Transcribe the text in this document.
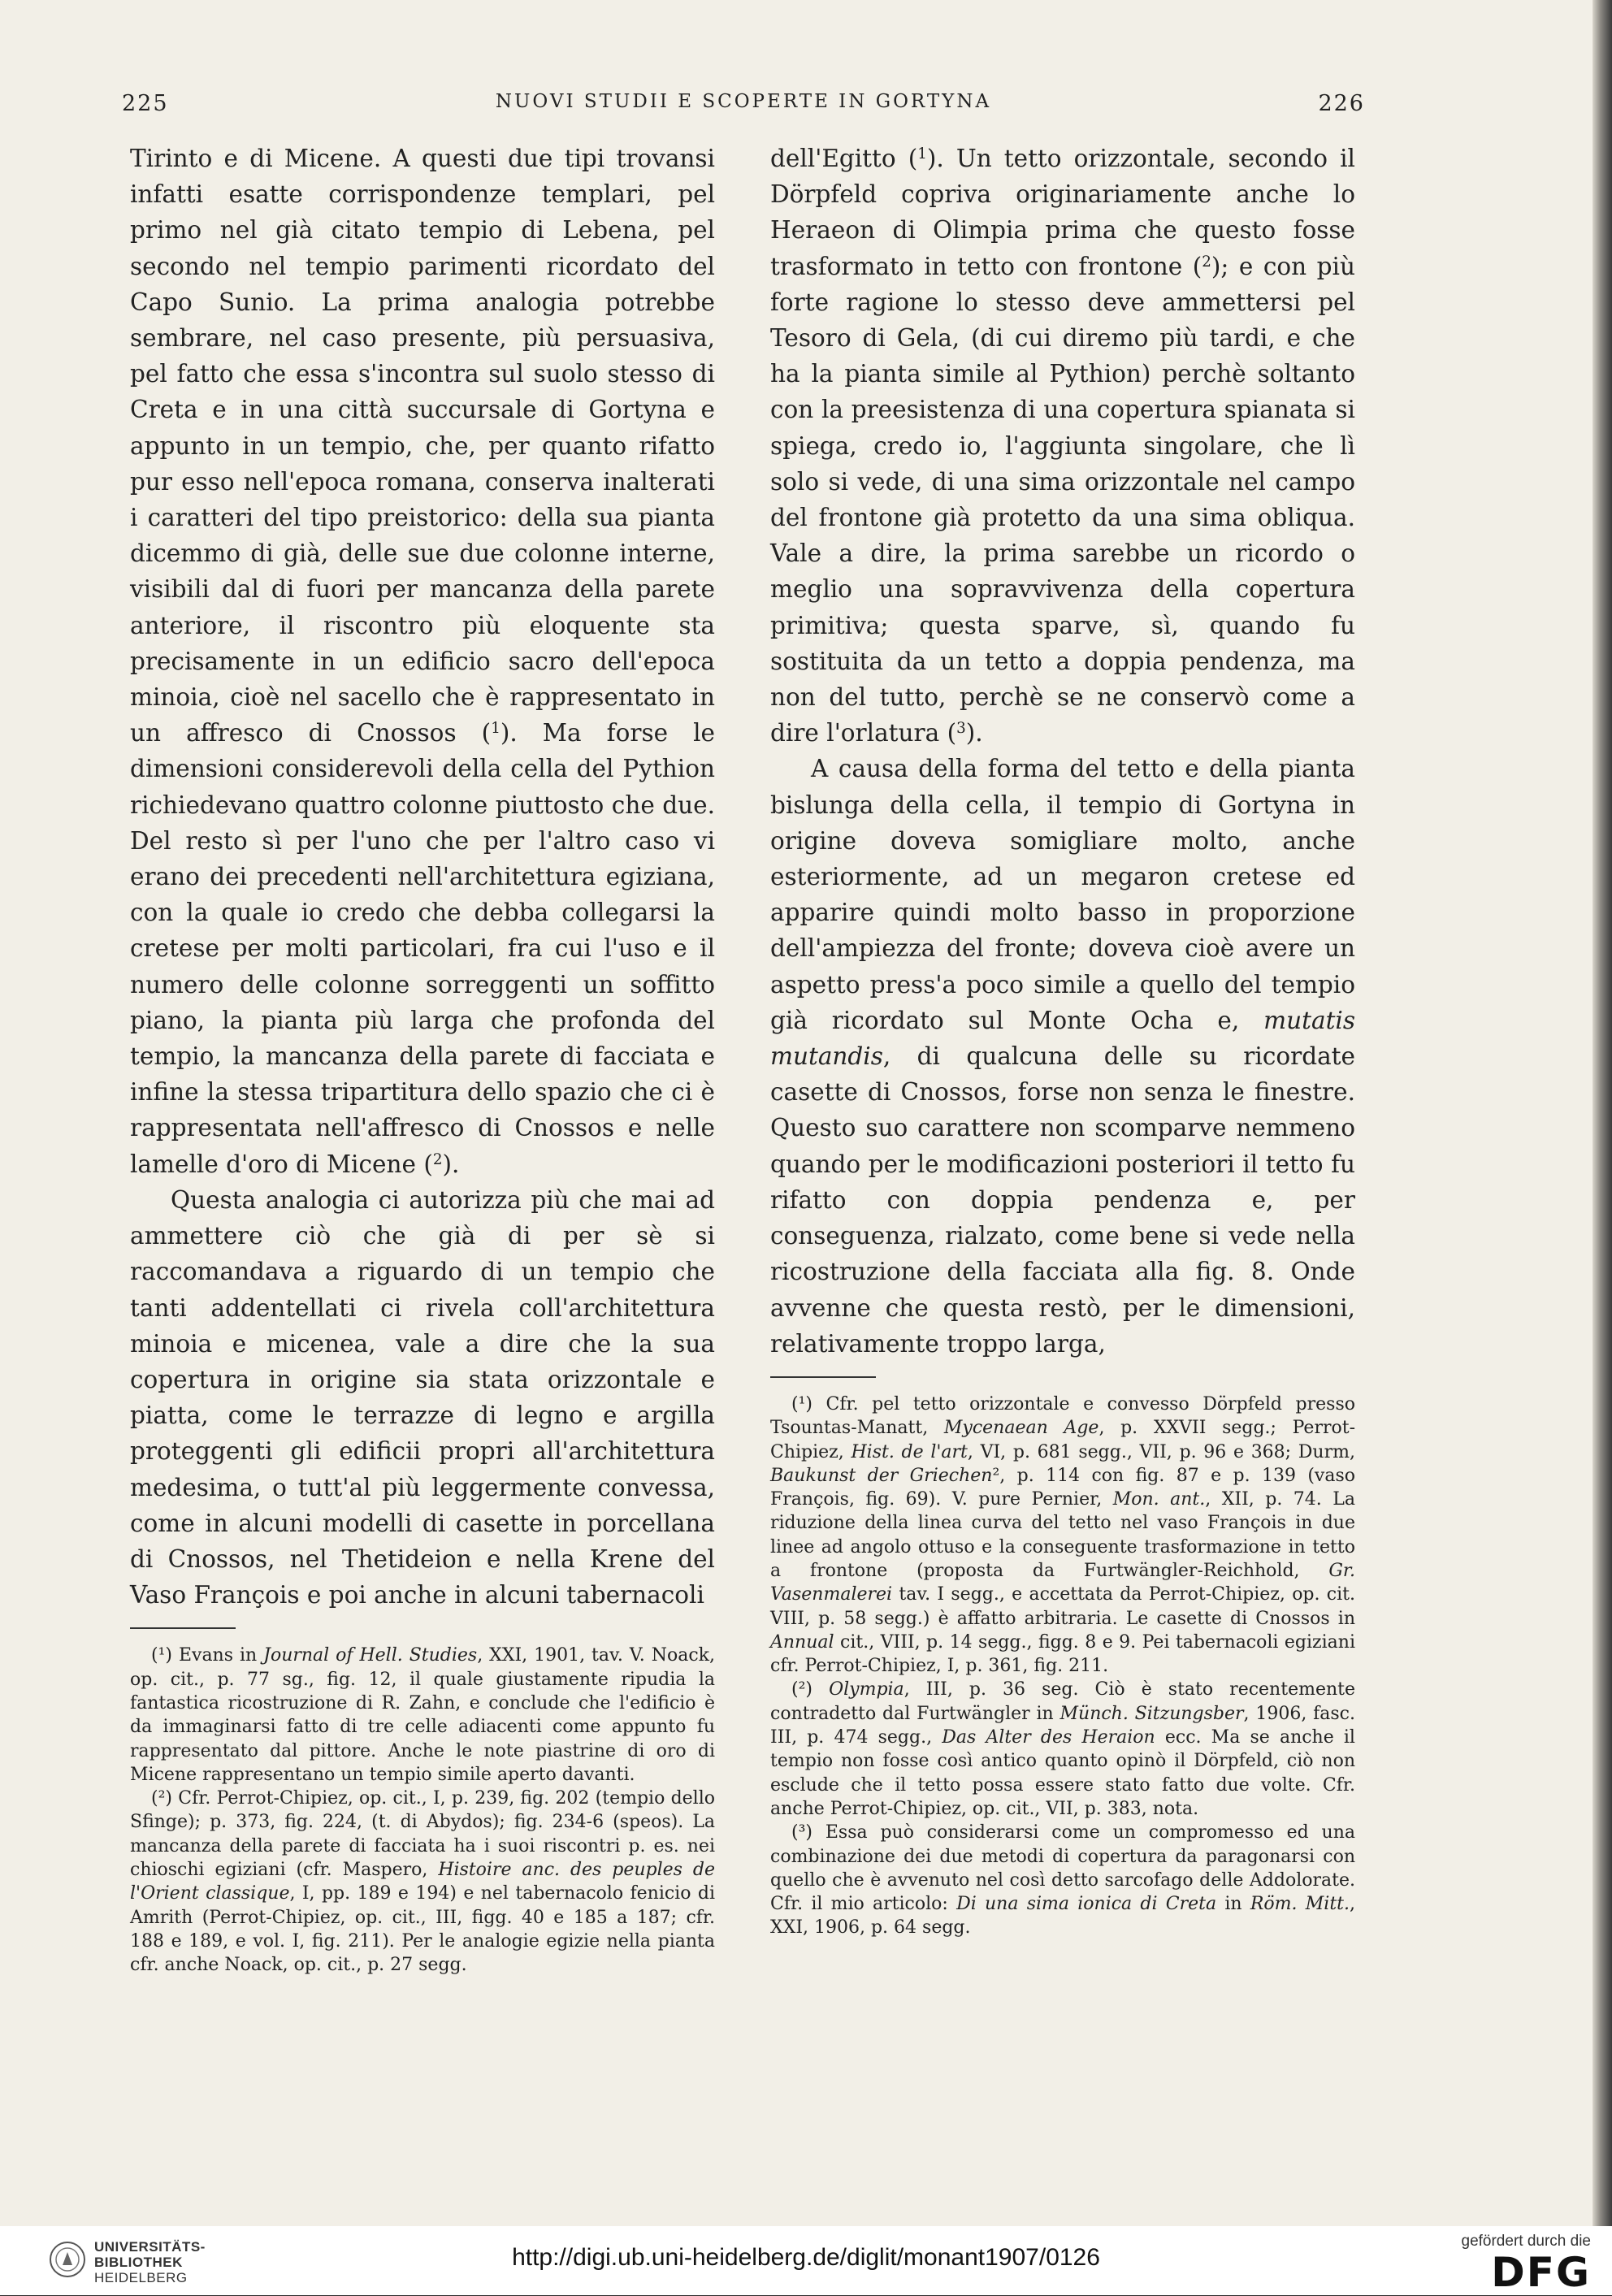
225	NUOVI STUDII E SCOPERTE IN GORTYNA	226

Tirinto e di Micene. A questi due tipi trovansi infatti esatte corrispondenze templari, pel primo nel già citato tempio di Lebena, pel secondo nel tempio parimenti ricordato del Capo Sunio. La prima analogia potrebbe sembrare, nel caso presente, più persuasiva, pel fatto che essa s'incontra sul suolo stesso di Creta e in una città succursale di Gortyna e appunto in un tempio, che, per quanto rifatto pur esso nell'epoca romana, conserva inalterati i caratteri del tipo preistorico: della sua pianta dicemmo di già, delle sue due colonne interne, visibili dal di fuori per mancanza della parete anteriore, il riscontro più eloquente sta precisamente in un edificio sacro dell'epoca minoia, cioè nel sacello che è rappresentato in un affresco di Cnossos ($^1$). Ma forse le dimensioni considerevoli della cella del Pythion richiedevano quattro colonne piuttosto che due. Del resto sì per l'uno che per l'altro caso vi erano dei precedenti nell'architettura egiziana, con la quale io credo che debba collegarsi la cretese per molti particolari, fra cui l'uso e il numero delle colonne sorreggenti un soffitto piano, la pianta più larga che profonda del tempio, la mancanza della parete di facciata e infine la stessa tripartitura dello spazio che ci è rappresentata nell'affresco di Cnossos e nelle lamelle d'oro di Micene ($^2$).

Questa analogia ci autorizza più che mai ad ammettere ciò che già di per sè si raccomandava a riguardo di un tempio che tanti addentellati ci rivela coll'architettura minoia e micenea, vale a dire che la sua copertura in origine sia stata orizzontale e piatta, come le terrazze di legno e argilla proteggenti gli edificii propri all'architettura medesima, o tutt'al più leggermente convessa, come in alcuni modelli di casette in porcellana di Cnossos, nel Thetideion e nella Krene del Vaso François e poi anche in alcuni tabernacoli

(¹) Evans in Journal of Hell. Studies, XXI, 1901, tav. V. Noack, op. cit., p. 77 sg., fig. 12, il quale giustamente ripudia la fantastica ricostruzione di R. Zahn, e conclude che l'edificio è da immaginarsi fatto di tre celle adiacenti come appunto fu rappresentato dal pittore. Anche le note piastrine di oro di Micene rappresentano un tempio simile aperto davanti.

(²) Cfr. Perrot-Chipiez, op. cit., I, p. 239, fig. 202 (tempio dello Sfinge); p. 373, fig. 224, (t. di Abydos); fig. 234-6 (speos). La mancanza della parete di facciata ha i suoi riscontri p. es. nei chioschi egiziani (cfr. Maspero, Histoire anc. des peuples de l'Orient classique, I, pp. 189 e 194) e nel tabernacolo fenicio di Amrith (Perrot-Chipiez, op. cit., III, figg. 40 e 185 a 187; cfr. 188 e 189, e vol. I, fig. 211). Per le analogie egizie nella pianta cfr. anche Noack, op. cit., p. 27 segg.

dell'Egitto ($^1$). Un tetto orizzontale, secondo il Dörpfeld copriva originariamente anche lo Heraeon di Olimpia prima che questo fosse trasformato in tetto con frontone ($^2$); e con più forte ragione lo stesso deve ammettersi pel Tesoro di Gela, (di cui diremo più tardi, e che ha la pianta simile al Pythion) perchè soltanto con la preesistenza di una copertura spianata si spiega, credo io, l'aggiunta singolare, che lì solo si vede, di una sima orizzontale nel campo del frontone già protetto da una sima obliqua. Vale a dire, la prima sarebbe un ricordo o meglio una sopravvivenza della copertura primitiva; questa sparve, sì, quando fu sostituita da un tetto a doppia pendenza, ma non del tutto, perchè se ne conservò come a dire l'orlatura ($^3$).

A causa della forma del tetto e della pianta bislunga della cella, il tempio di Gortyna in origine doveva somigliare molto, anche esteriormente, ad un megaron cretese ed apparire quindi molto basso in proporzione dell'ampiezza del fronte; doveva cioè avere un aspetto press'a poco simile a quello del tempio già ricordato sul Monte Ocha e, mutatis mutandis, di qualcuna delle su ricordate casette di Cnossos, forse non senza le finestre. Questo suo carattere non scomparve nemmeno quando per le modificazioni posteriori il tetto fu rifatto con doppia pendenza e, per conseguenza, rialzato, come bene si vede nella ricostruzione della facciata alla fig. 8. Onde avvenne che questa restò, per le dimensioni, relativamente troppo larga,

(¹) Cfr. pel tetto orizzontale e convesso Dörpfeld presso Tsountas-Manatt, Mycenaean Age, p. XXVII segg.; Perrot-Chipiez, Hist. de l'art, VI, p. 681 segg., VII, p. 96 e 368; Durm, Baukunst der Griechen², p. 114 con fig. 87 e p. 139 (vaso François, fig. 69). V. pure Pernier, Mon. ant., XII, p. 74. La riduzione della linea curva del tetto nel vaso François in due linee ad angolo ottuso e la conseguente trasformazione in tetto a frontone (proposta da Furtwängler-Reichhold, Gr. Vasenmalerei tav. I segg., e accettata da Perrot-Chipiez, op. cit. VIII, p. 58 segg.) è affatto arbitraria. Le casette di Cnossos in Annual cit., VIII, p. 14 segg., figg. 8 e 9. Pei tabernacoli egiziani cfr. Perrot-Chipiez, I, p. 361, fig. 211.

(²) Olympia, III, p. 36 seg. Ciò è stato recentemente contradetto dal Furtwängler in Münch. Sitzungsber, 1906, fasc. III, p. 474 segg., Das Alter des Heraion ecc. Ma se anche il tempio non fosse così antico quanto opinò il Dörpfeld, ciò non esclude che il tetto possa essere stato fatto due volte. Cfr. anche Perrot-Chipiez, op. cit., VII, p. 383, nota.

(³) Essa può considerarsi come un compromesso ed una combinazione dei due metodi di copertura da paragonarsi con quello che è avvenuto nel così detto sarcofago delle Addolorate. Cfr. il mio articolo: Di una sima ionica di Creta in Röm. Mitt., XXI, 1906, p. 64 segg.

UNIVERSITÄTS-
BIBLIOTHEK
HEIDELBERG
http://digi.ub.uni-heidelberg.de/diglit/monant1907/0126
gefördert durch die
DFG
